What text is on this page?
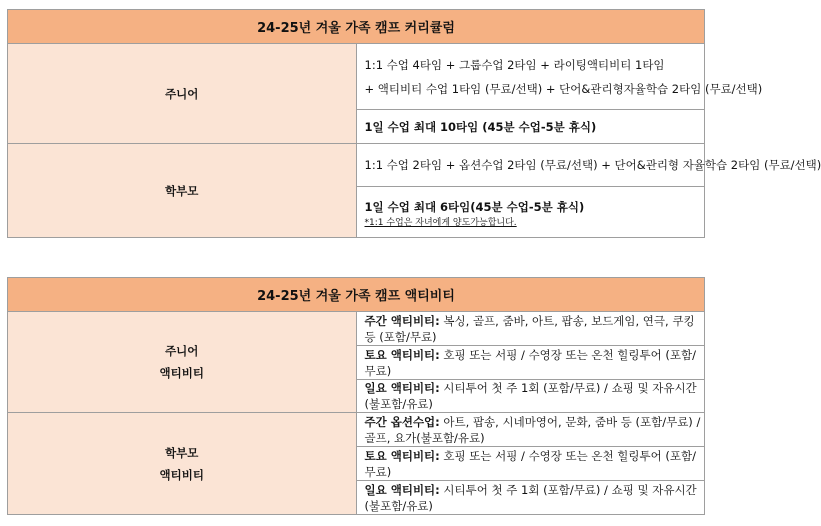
24-25년 겨울 가족 캠프 커리큘럼	
주니어	1:1 수업 4타임 + 그룹수업 2타임 + 라이팅액티비티 1타임
+ 액티비티 수업 1타임 (무료/선택) + 단어&관리형자율학습 2타임 (무료/선택)

	1일 수업 최대 10타임 (45분 수업-5분 휴식)
학부모	1:1 수업 2타임 + 옵션수업 2타임 (무료/선택) + 단어&관리형 자율학습 2타임 (무료/선택)

	1일 수업 최대 6타임(45분 수업-5분 휴식)
*1:1 수업은 자녀에게 양도가능합니다.
24-25년 겨울 가족 캠프 액티비티	

주니어
액티비티	주간 액티비티: 복싱, 골프, 줌바, 아트, 팝송, 보드게임, 연극, 쿠킹 등 (포함/무료)
	토요 액티비티: 호핑 또는 서핑 / 수영장 또는 온천 힐링투어 (포함/무료)
	일요 액티비티: 시티투어 첫 주 1회 (포함/무료) / 쇼핑 및 자유시간 (불포함/유료)

학부모
액티비티	주간 옵션수업: 아트, 팝송, 시네마영어, 문화, 줌바 등 (포함/무료) / 골프, 요가(불포함/유료)
	토요 액티비티: 호핑 또는 서핑 / 수영장 또는 온천 힐링투어 (포함/무료)
	일요 액티비티: 시티투어 첫 주 1회 (포함/무료) / 쇼핑 및 자유시간 (불포함/유료)
